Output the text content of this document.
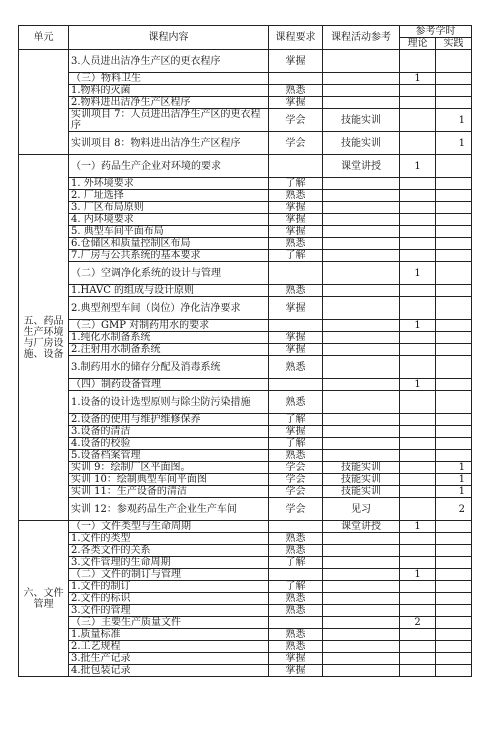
单元	课程内容	课程要求	课程活动参考	参考学时	
				理论	实践
	3.人员进出洁净生产区的更衣程序	掌握			
	（三）物料卫生			1	
	1.物料的灭菌	熟悉			
	2.物料进出洁净生产区程序	掌握			
	实训项目 7：人员进出洁净生产区的更衣程序	学会	技能实训		1
	实训项目 8：物料进出洁净生产区程序	学会	技能实训		1
五、药品生产环境与厂房设施、设备	（一）药品生产企业对环境的要求		课堂讲授	1	
	1. 外环境要求	了解			
	2. 厂址选择	熟悉			
	3. 厂区布局原则	掌握			
	4. 内环境要求	掌握			
	5. 典型车间平面布局	掌握			
	6.仓储区和质量控制区布局	熟悉			
	7.厂房与公共系统的基本要求	了解			
	（二）空调净化系统的设计与管理			1	
	1.HAVC 的组成与设计原则	熟悉			
	2.典型剂型车间（岗位）净化洁净要求	掌握			
	（三）GMP 对制药用水的要求			1	
	1.纯化水制备系统	掌握			
	2.注射用水制备系统	掌握			
	3.制药用水的储存分配及消毒系统	熟悉			
	（四）制药设备管理			1	
	1.设备的设计选型原则与除尘防污染措施	熟悉			
	2.设备的使用与维护维修保养	了解			
	3.设备的清洁	掌握			
	4.设备的校验	了解			
	5.设备档案管理	熟悉			
	实训 9：绘制厂区平面图。	学会	技能实训		1
	实训 10：绘制典型车间平面图	学会	技能实训		1
	实训 11：生产设备的清洁	学会	技能实训		1
	实训 12：参观药品生产企业生产车间	学会	见习		2
六、文件管理	（一）文件类型与生命周期		课堂讲授	1	
	1.文件的类型	熟悉			
	2.各类文件的关系	熟悉			
	3.文件管理的生命周期	了解			
	（二）文件的制订与管理			1	
	1.文件的制订	了解			
	2.文件的标识	熟悉			
	3.文件的管理	熟悉			
	（三）主要生产质量文件			2	
	1.质量标准	熟悉			
	2.工艺规程	熟悉			
	3.批生产记录	掌握			
	4.批包装记录	掌握			
